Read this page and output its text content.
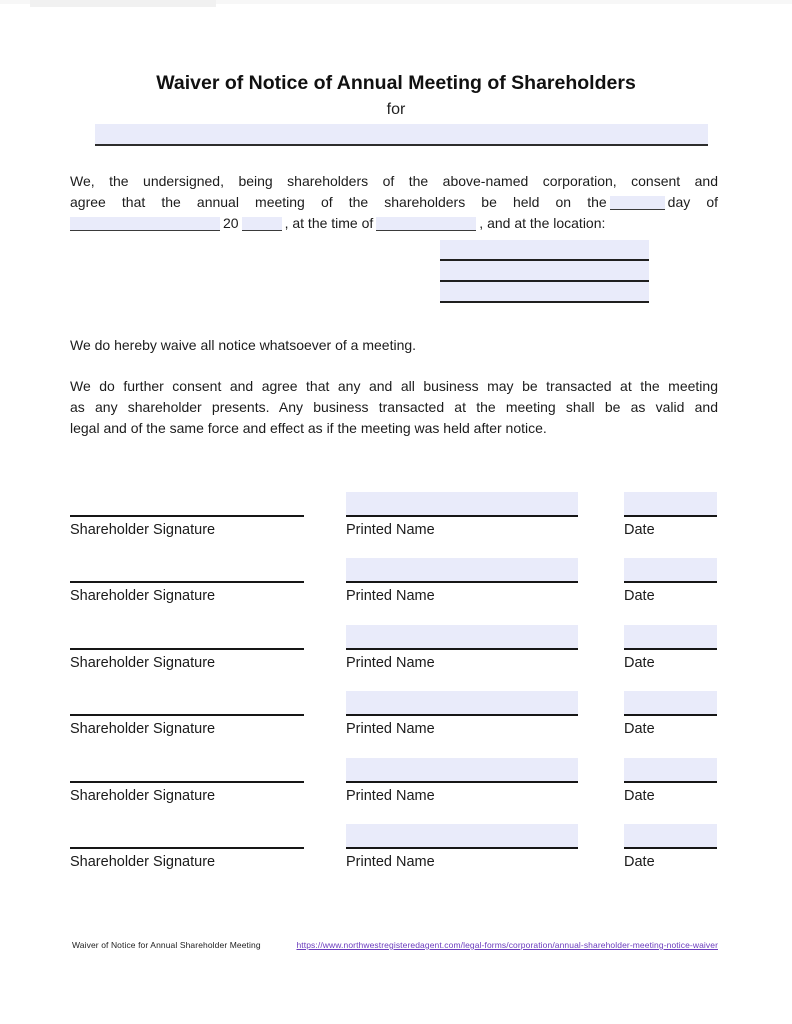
Waiver of Notice of Annual Meeting of Shareholders
for
We, the undersigned, being shareholders of the above-named corporation, consent and
agree that the annual meeting of the shareholders be held on the	day of
20	, at the time of	, and at the location:
We do hereby waive all notice whatsoever of a meeting.
We do further consent and agree that any and all business may be transacted at the meeting
as any shareholder presents. Any business transacted at the meeting shall be as valid and
legal and of the same force and effect as if the meeting was held after notice.
Shareholder Signature	Printed Name	Date
Shareholder Signature	Printed Name	Date
Shareholder Signature	Printed Name	Date
Shareholder Signature	Printed Name	Date
Shareholder Signature	Printed Name	Date
Shareholder Signature	Printed Name	Date
Waiver of Notice for Annual Shareholder Meeting	https://www.northwestregisteredagent.com/legal-forms/corporation/annual-shareholder-meeting-notice-waiver
